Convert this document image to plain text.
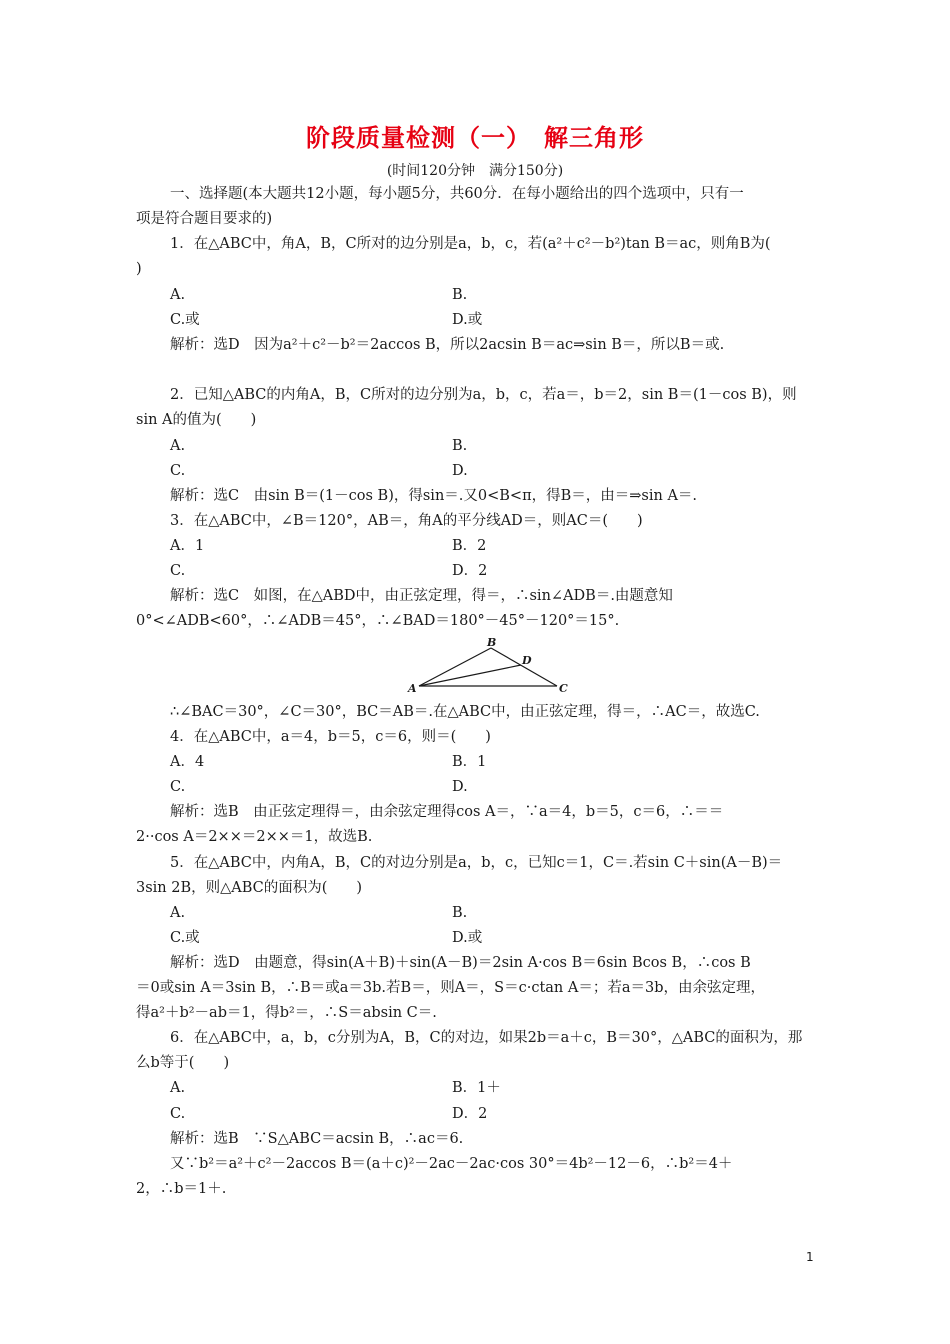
阶段质量检测（一）　解三角形
(时间120分钟　满分150分)
一、选择题(本大题共12小题，每小题5分，共60分．在每小题给出的四个选项中，只有一
项是符合题目要求的)
1．在△ABC中，角A，B，C所对的边分别是a，b，c，若(a²＋c²－b²)tan B＝ac，则角B为(
)
A.	B.
C.或	D.或
解析：选D　因为a²＋c²－b²＝2accos B，所以2acsin B＝ac⇒sin B＝，所以B＝或.
2．已知△ABC的内角A，B，C所对的边分别为a，b，c，若a＝，b＝2，sin B＝(1－cos B)，则
sin A的值为(　　)
A.	B.
C.	D.
解析：选C　由sin B＝(1－cos B)，得sin＝.又0<B<π，得B＝，由＝⇒sin A＝.
3．在△ABC中，∠B＝120°，AB＝，角A的平分线AD＝，则AC＝(　　)
A．1	B．2
C.	D．2
解析：选C　如图，在△ABD中，由正弦定理，得＝，∴sin∠ADB＝.由题意知
0°<∠ADB<60°，∴∠ADB＝45°，∴∠BAD＝180°－45°－120°＝15°.
A
B
C
D
∴∠BAC＝30°，∠C＝30°，BC＝AB＝.在△ABC中，由正弦定理，得＝，∴AC＝，故选C.
4．在△ABC中，a＝4，b＝5，c＝6，则＝(　　)
A．4	B．1
C.	D.
解析：选B　由正弦定理得＝，由余弦定理得cos A＝，∵a＝4，b＝5，c＝6，∴＝＝
2··cos A＝2××＝2××＝1，故选B.
5．在△ABC中，内角A，B，C的对边分别是a，b，c，已知c＝1，C＝.若sin C＋sin(A－B)＝
3sin 2B，则△ABC的面积为(　　)
A.	B.
C.或	D.或
解析：选D　由题意，得sin(A＋B)＋sin(A－B)＝2sin A·cos B＝6sin Bcos B，∴cos B
＝0或sin A＝3sin B，∴B＝或a＝3b.若B＝，则A＝，S＝c·ctan A＝；若a＝3b，由余弦定理，
得a²＋b²－ab＝1，得b²＝，∴S＝absin C＝.
6．在△ABC中，a，b，c分别为A，B，C的对边，如果2b＝a＋c，B＝30°，△ABC的面积为，那
么b等于(　　)
A.	B．1＋
C.	D．2
解析：选B　∵S△ABC＝acsin B，∴ac＝6.
又∵b²＝a²＋c²－2accos B＝(a＋c)²－2ac－2ac·cos 30°＝4b²－12－6，∴b²＝4＋
2，∴b＝1＋.
1
